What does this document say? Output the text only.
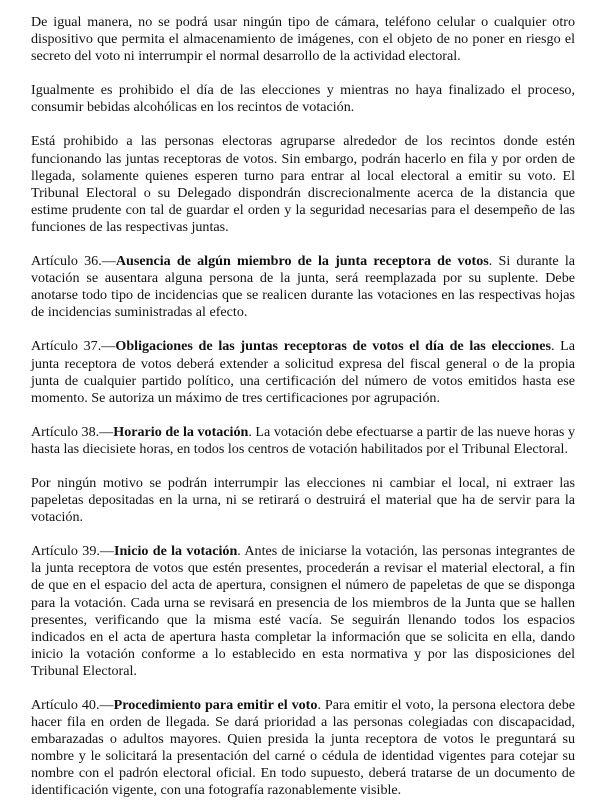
De igual manera, no se podrá usar ningún tipo de cámara, teléfono celular o cualquier otro dispositivo que permita el almacenamiento de imágenes, con el objeto de no poner en riesgo el secreto del voto ni interrumpir el normal desarrollo de la actividad electoral.

Igualmente es prohibido el día de las elecciones y mientras no haya finalizado el proceso, consumir bebidas alcohólicas en los recintos de votación.

Está prohibido a las personas electoras agruparse alrededor de los recintos donde estén funcionando las juntas receptoras de votos. Sin embargo, podrán hacerlo en fila y por orden de llegada, solamente quienes esperen turno para entrar al local electoral a emitir su voto. El Tribunal Electoral o su Delegado dispondrán discrecionalmente acerca de la distancia que estime prudente con tal de guardar el orden y la seguridad necesarias para el desempeño de las funciones de las respectivas juntas.

Artículo 36.—Ausencia de algún miembro de la junta receptora de votos. Si durante la votación se ausentara alguna persona de la junta, será reemplazada por su suplente. Debe anotarse todo tipo de incidencias que se realicen durante las votaciones en las respectivas hojas de incidencias suministradas al efecto.

Artículo 37.—Obligaciones de las juntas receptoras de votos el día de las elecciones. La junta receptora de votos deberá extender a solicitud expresa del fiscal general o de la propia junta de cualquier partido político, una certificación del número de votos emitidos hasta ese momento. Se autoriza un máximo de tres certificaciones por agrupación.

Artículo 38.—Horario de la votación. La votación debe efectuarse a partir de las nueve horas y hasta las diecisiete horas, en todos los centros de votación habilitados por el Tribunal Electoral.

Por ningún motivo se podrán interrumpir las elecciones ni cambiar el local, ni extraer las papeletas depositadas en la urna, ni se retirará o destruirá el material que ha de servir para la votación.

Artículo 39.—Inicio de la votación. Antes de iniciarse la votación, las personas integrantes de la junta receptora de votos que estén presentes, procederán a revisar el material electoral, a fin de que en el espacio del acta de apertura, consignen el número de papeletas de que se disponga para la votación. Cada urna se revisará en presencia de los miembros de la Junta que se hallen presentes, verificando que la misma esté vacía. Se seguirán llenando todos los espacios indicados en el acta de apertura hasta completar la información que se solicita en ella, dando inicio la votación conforme a lo establecido en esta normativa y por las disposiciones del Tribunal Electoral.

Artículo 40.—Procedimiento para emitir el voto. Para emitir el voto, la persona electora debe hacer fila en orden de llegada. Se dará prioridad a las personas colegiadas con discapacidad, embarazadas o adultos mayores. Quien presida la junta receptora de votos le preguntará su nombre y le solicitará la presentación del carné o cédula de identidad vigentes para cotejar su nombre con el padrón electoral oficial. En todo supuesto, deberá tratarse de un documento de identificación vigente, con una fotografía razonablemente visible.
